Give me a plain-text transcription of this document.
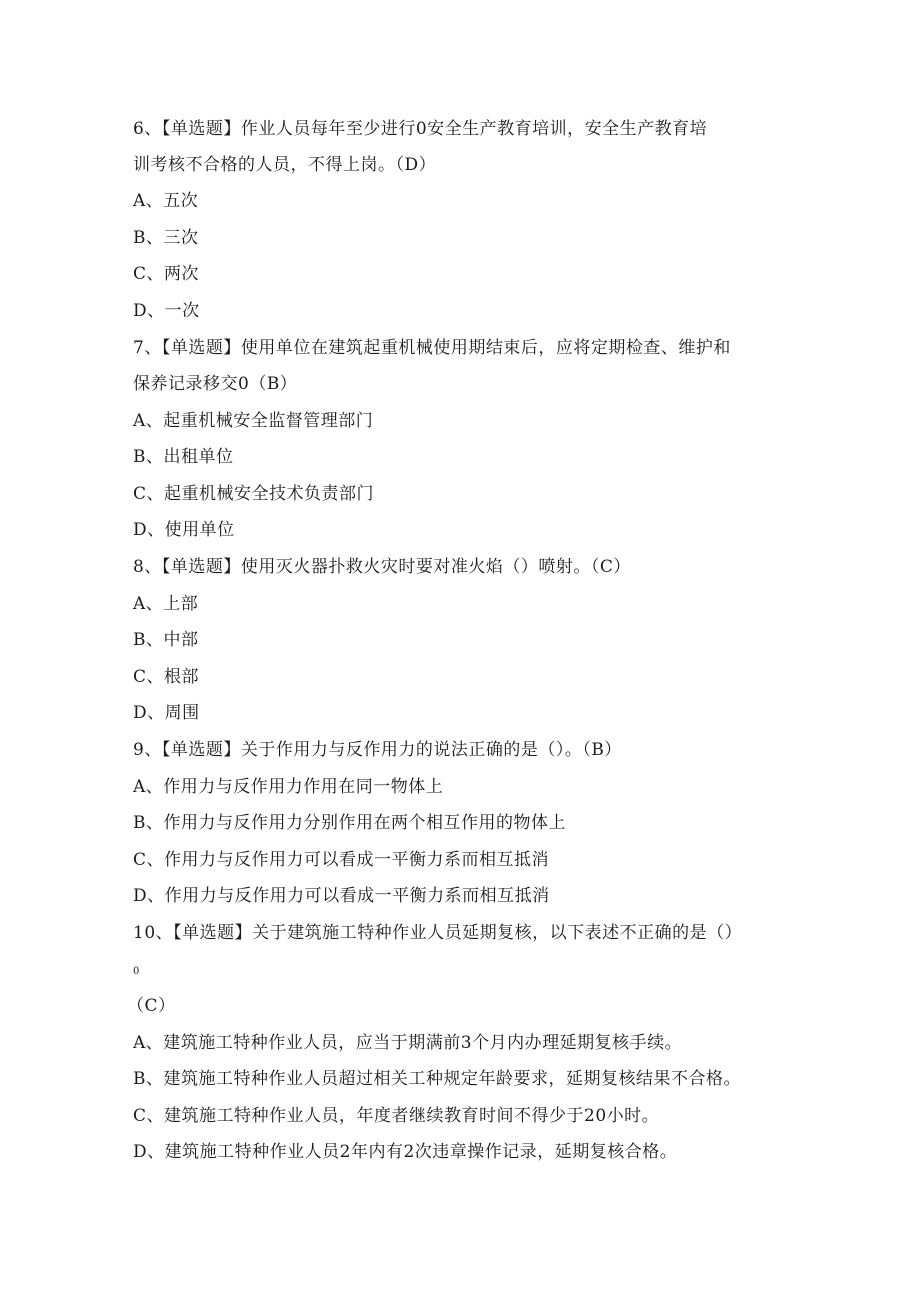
6、【单选题】作业人员每年至少进行0安全生产教育培训，安全生产教育培
训考核不合格的人员，不得上岗。（D）
A、五次
B、三次
C、两次
D、一次
7、【单选题】使用单位在建筑起重机械使用期结束后，应将定期检查、维护和
保养记录移交0（B）
A、起重机械安全监督管理部门
B、出租单位
C、起重机械安全技术负责部门
D、使用单位
8、【单选题】使用灭火器扑救火灾时要对准火焰（）喷射。（C）
A、上部
B、中部
C、根部
D、周围
9、【单选题】关于作用力与反作用力的说法正确的是（）。（B）
A、作用力与反作用力作用在同一物体上
B、作用力与反作用力分别作用在两个相互作用的物体上
C、作用力与反作用力可以看成一平衡力系而相互抵消
D、作用力与反作用力可以看成一平衡力系而相互抵消
10、【单选题】关于建筑施工特种作业人员延期复核，以下表述不正确的是（）
0
（C）
A、建筑施工特种作业人员，应当于期满前3个月内办理延期复核手续。
B、建筑施工特种作业人员超过相关工种规定年龄要求，延期复核结果不合格。
C、建筑施工特种作业人员，年度者继续教育时间不得少于20小时。
D、建筑施工特种作业人员2年内有2次违章操作记录，延期复核合格。
